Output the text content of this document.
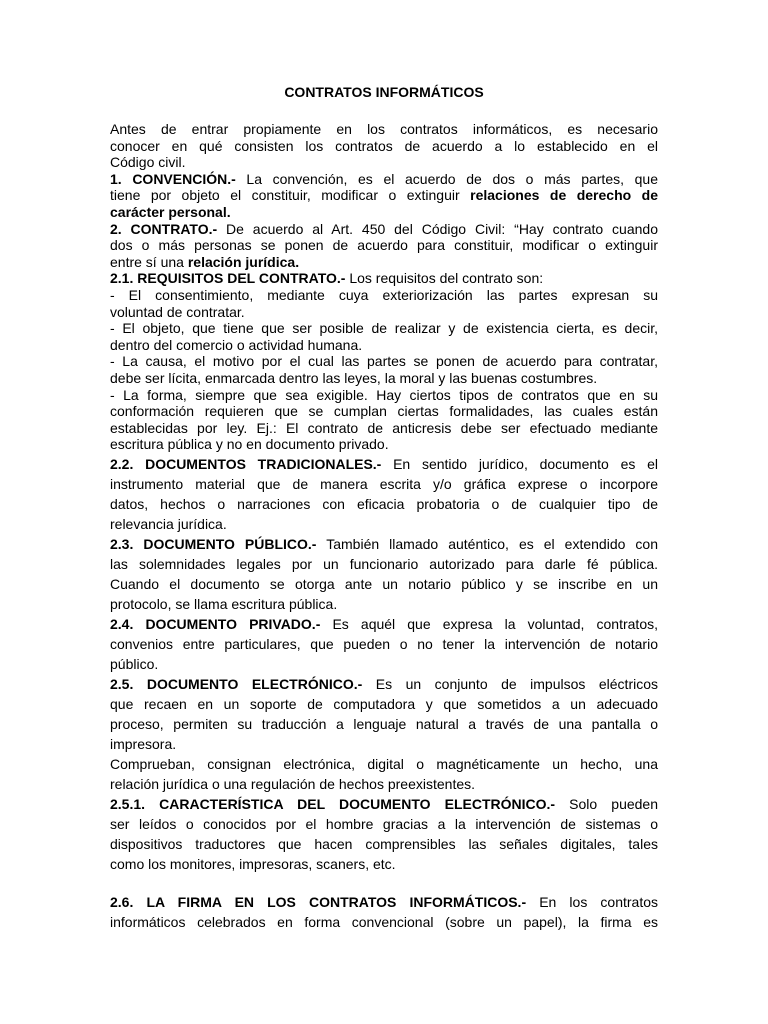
CONTRATOS INFORMÁTICOS
Antes de entrar propiamente en los contratos informáticos, es necesario
conocer en qué consisten los contratos de acuerdo a lo establecido en el
Código civil.
1. CONVENCIÓN.- La convención, es el acuerdo de dos o más partes, que
tiene por objeto el constituir, modificar o extinguir relaciones de derecho de
carácter personal.
2. CONTRATO.- De acuerdo al Art. 450 del Código Civil: “Hay contrato cuando
dos o más personas se ponen de acuerdo para constituir, modificar o extinguir
entre sí una relación jurídica.
2.1. REQUISITOS DEL CONTRATO.- Los requisitos del contrato son:
- El consentimiento, mediante cuya exteriorización las partes expresan su
voluntad de contratar.
- El objeto, que tiene que ser posible de realizar y de existencia cierta, es decir,
dentro del comercio o actividad humana.
- La causa, el motivo por el cual las partes se ponen de acuerdo para contratar,
debe ser lícita, enmarcada dentro las leyes, la moral y las buenas costumbres.
- La forma, siempre que sea exigible. Hay ciertos tipos de contratos que en su
conformación requieren que se cumplan ciertas formalidades, las cuales están
establecidas por ley. Ej.: El contrato de anticresis debe ser efectuado mediante
escritura pública y no en documento privado.
2.2. DOCUMENTOS TRADICIONALES.- En sentido jurídico, documento es el
instrumento material que de manera escrita y/o gráfica exprese o incorpore
datos, hechos o narraciones con eficacia probatoria o de cualquier tipo de
relevancia jurídica.
2.3. DOCUMENTO PÚBLICO.- También llamado auténtico, es el extendido con
las solemnidades legales por un funcionario autorizado para darle fé pública.
Cuando el documento se otorga ante un notario público y se inscribe en un
protocolo, se llama escritura pública.
2.4. DOCUMENTO PRIVADO.- Es aquél que expresa la voluntad, contratos,
convenios entre particulares, que pueden o no tener la intervención de notario
público.
2.5. DOCUMENTO ELECTRÓNICO.- Es un conjunto de impulsos eléctricos
que recaen en un soporte de computadora y que sometidos a un adecuado
proceso, permiten su traducción a lenguaje natural a través de una pantalla o
impresora.
Comprueban, consignan electrónica, digital o magnéticamente un hecho, una
relación jurídica o una regulación de hechos preexistentes.
2.5.1. CARACTERÍSTICA DEL DOCUMENTO ELECTRÓNICO.- Solo pueden
ser leídos o conocidos por el hombre gracias a la intervención de sistemas o
dispositivos traductores que hacen comprensibles las señales digitales, tales
como los monitores, impresoras, scaners, etc.
2.6. LA FIRMA EN LOS CONTRATOS INFORMÁTICOS.- En los contratos
informáticos celebrados en forma convencional (sobre un papel), la firma es
